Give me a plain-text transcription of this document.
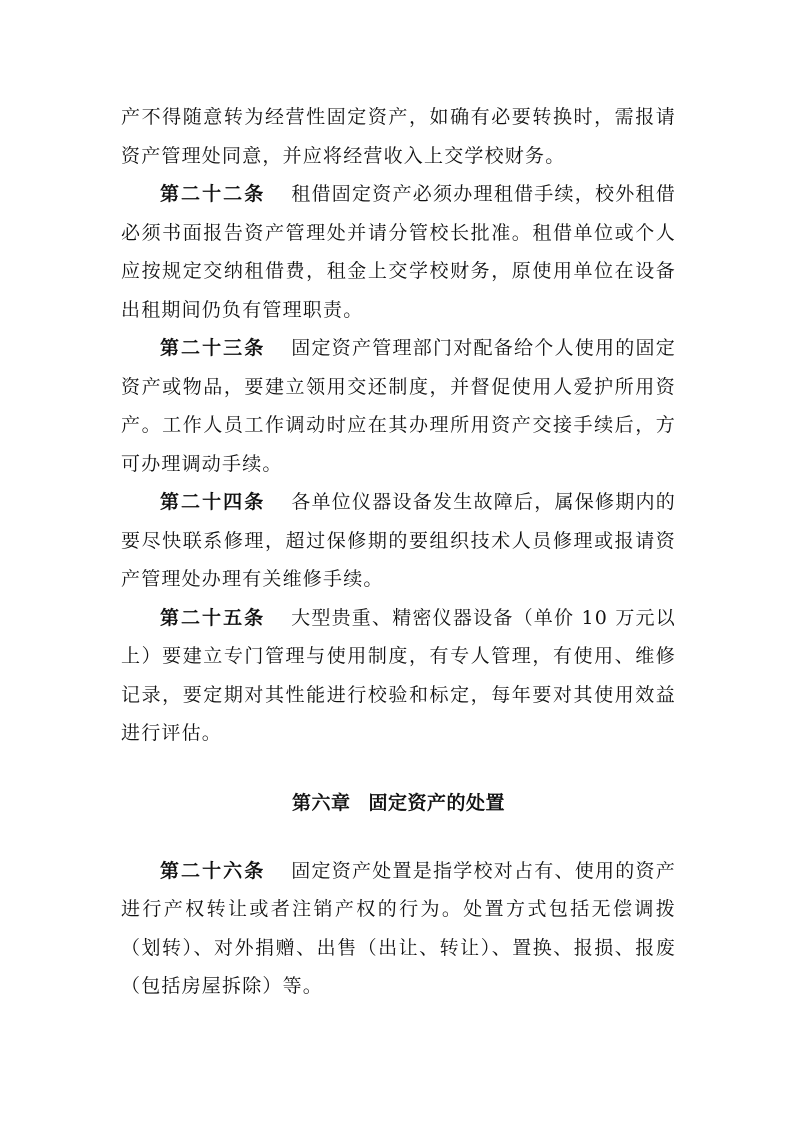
产不得随意转为经营性固定资产，如确有必要转换时，需报请资产管理处同意，并应将经营收入上交学校财务。

第二十二条 租借固定资产必须办理租借手续，校外租借必须书面报告资产管理处并请分管校长批准。租借单位或个人应按规定交纳租借费，租金上交学校财务，原使用单位在设备出租期间仍负有管理职责。

第二十三条 固定资产管理部门对配备给个人使用的固定资产或物品，要建立领用交还制度，并督促使用人爱护所用资产。工作人员工作调动时应在其办理所用资产交接手续后，方可办理调动手续。

第二十四条 各单位仪器设备发生故障后，属保修期内的要尽快联系修理，超过保修期的要组织技术人员修理或报请资产管理处办理有关维修手续。

第二十五条 大型贵重、精密仪器设备（单价 10 万元以上）要建立专门管理与使用制度，有专人管理，有使用、维修记录，要定期对其性能进行校验和标定，每年要对其使用效益进行评估。

第六章 固定资产的处置

第二十六条 固定资产处置是指学校对占有、使用的资产进行产权转让或者注销产权的行为。处置方式包括无偿调拨（划转）、对外捐赠、出售（出让、转让）、置换、报损、报废（包括房屋拆除）等。
